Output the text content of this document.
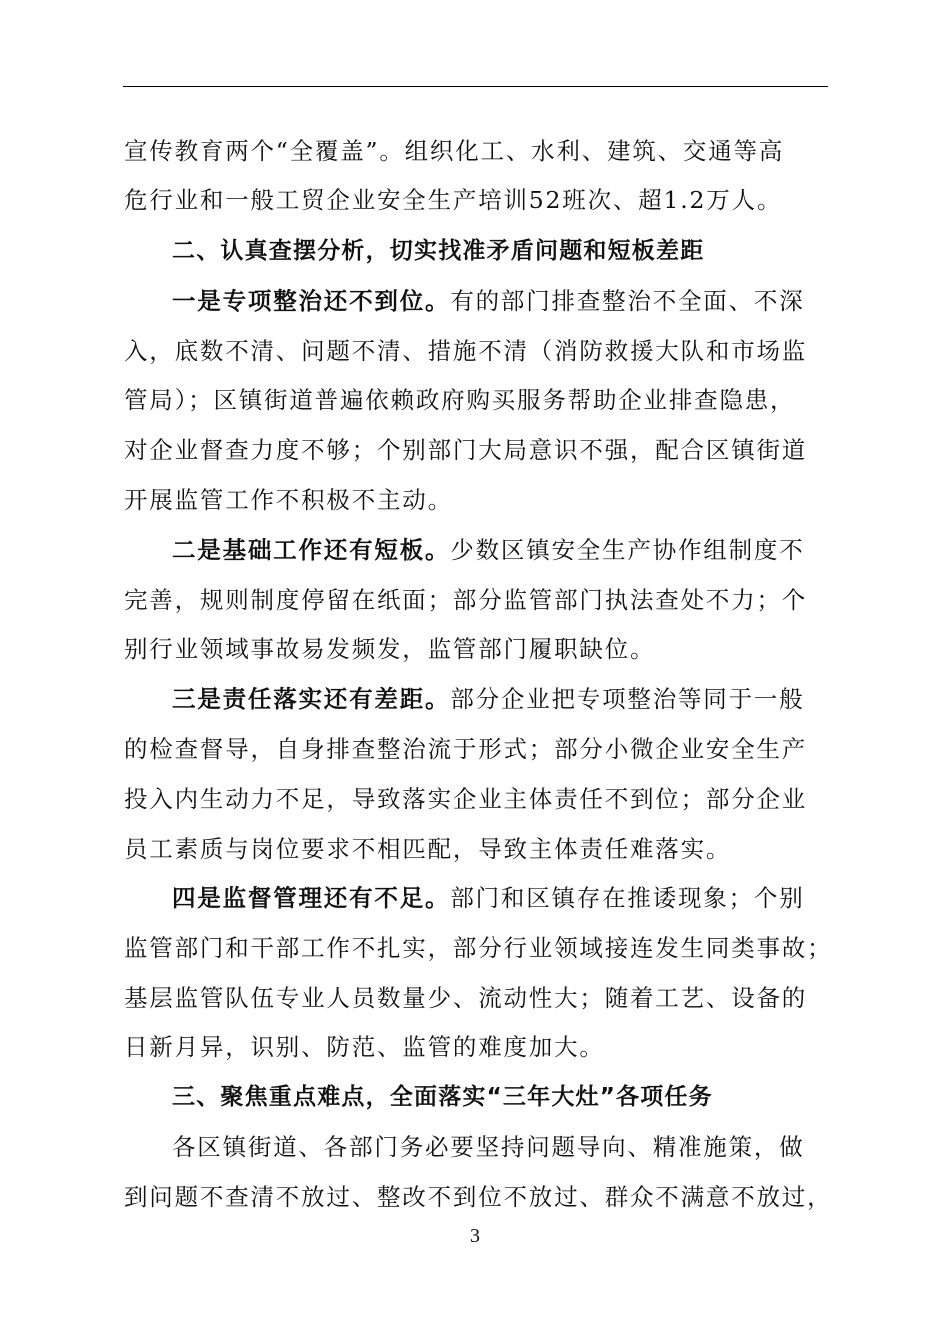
宣传教育两个“全覆盖”。组织化工、水利、建筑、交通等高
危行业和一般工贸企业安全生产培训52班次、超1.2万人。
二、认真查摆分析，切实找准矛盾问题和短板差距
一是专项整治还不到位。有的部门排查整治不全面、不深
入，底数不清、问题不清、措施不清（消防救援大队和市场监
管局）；区镇街道普遍依赖政府购买服务帮助企业排查隐患，
对企业督查力度不够；个别部门大局意识不强，配合区镇街道
开展监管工作不积极不主动。
二是基础工作还有短板。少数区镇安全生产协作组制度不
完善，规则制度停留在纸面；部分监管部门执法查处不力；个
别行业领域事故易发频发，监管部门履职缺位。
三是责任落实还有差距。部分企业把专项整治等同于一般
的检查督导，自身排查整治流于形式；部分小微企业安全生产
投入内生动力不足，导致落实企业主体责任不到位；部分企业
员工素质与岗位要求不相匹配，导致主体责任难落实。
四是监督管理还有不足。部门和区镇存在推诿现象；个别
监管部门和干部工作不扎实，部分行业领域接连发生同类事故；
基层监管队伍专业人员数量少、流动性大；随着工艺、设备的
日新月异，识别、防范、监管的难度加大。
三、聚焦重点难点，全面落实“三年大灶”各项任务
各区镇街道、各部门务必要坚持问题导向、精准施策，做
到问题不查清不放过、整改不到位不放过、群众不满意不放过，
3
